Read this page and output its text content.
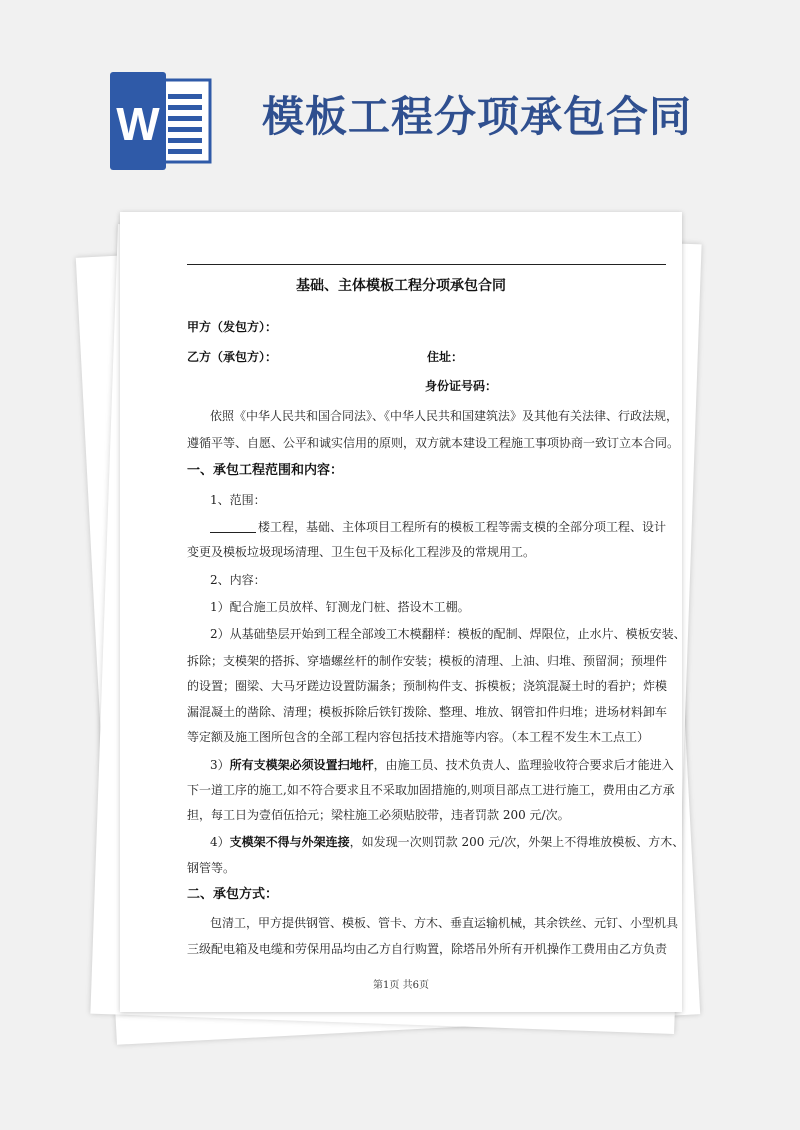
W 模板工程分项承包合同
基础、主体模板工程分项承包合同
甲方（发包方）：
乙方（承包方）：	住址：
身份证号码：
依照《中华人民共和国合同法》、《中华人民共和国建筑法》及其他有关法律、行政法规，
遵循平等、自愿、公平和诚实信用的原则，双方就本建设工程施工事项协商一致订立本合同。
一、承包工程范围和内容：
1、范围：
楼工程，基础、主体项目工程所有的模板工程等需支模的全部分项工程、设计
变更及模板垃圾现场清理、卫生包干及标化工程涉及的常规用工。
2、内容：
1）配合施工员放样、钉测龙门桩、搭设木工棚。
2）从基础垫层开始到工程全部竣工木模翻样：模板的配制、焊限位，止水片、模板安装、
拆除；支模架的搭拆、穿墙螺丝杆的制作安装；模板的清理、上油、归堆、预留洞；预埋件
的设置；圈梁、大马牙蹉边设置防漏条；预制构件支、拆模板；浇筑混凝土时的看护；炸模
漏混凝土的凿除、清理；模板拆除后铁钉拨除、整理、堆放、钢管扣件归堆；进场材料卸车
等定额及施工图所包含的全部工程内容包括技术措施等内容。（本工程不发生木工点工）
3）所有支模架必须设置扫地杆，由施工员、技术负责人、监理验收符合要求后才能进入
下一道工序的施工,如不符合要求且不采取加固措施的,则项目部点工进行施工，费用由乙方承
担，每工日为壹佰伍拾元；梁柱施工必须贴胶带，违者罚款 200 元/次。
4）支模架不得与外架连接，如发现一次则罚款 200 元/次，外架上不得堆放模板、方木、
钢管等。
二、承包方式：
包清工，甲方提供钢管、模板、管卡、方木、垂直运输机械，其余铁丝、元钉、小型机具
三级配电箱及电缆和劳保用品均由乙方自行购置，除塔吊外所有开机操作工费用由乙方负责
第1页 共6页
